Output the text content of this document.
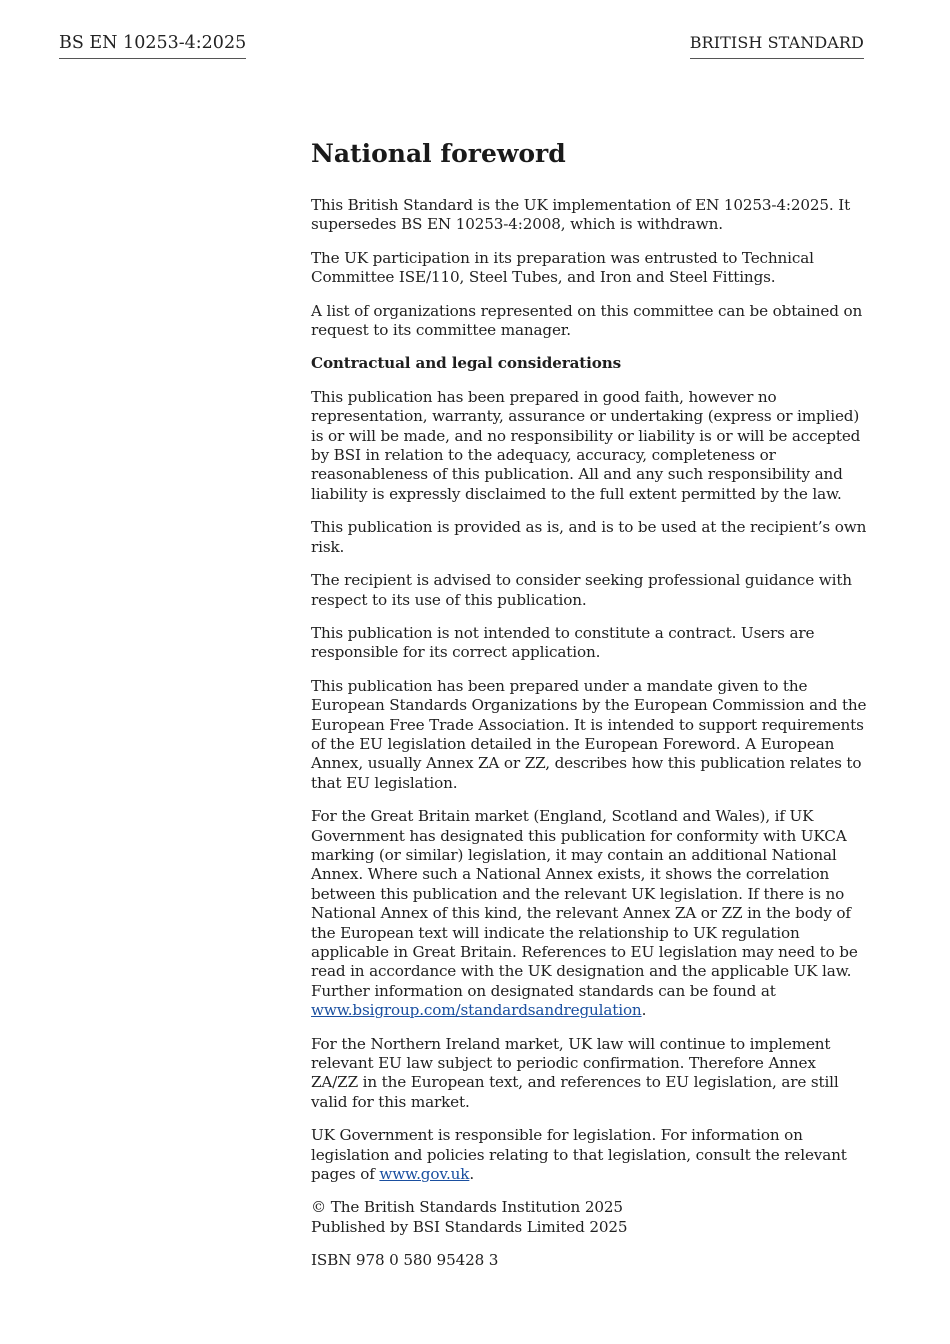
BS EN 10253-4:2025	BRITISH STANDARD
National foreword

This British Standard is the UK implementation of EN 10253-4:2025. It supersedes BS EN 10253-4:2008, which is withdrawn.

The UK participation in its preparation was entrusted to Technical Committee ISE/110, Steel Tubes, and Iron and Steel Fittings.

A list of organizations represented on this committee can be obtained on request to its committee manager.

Contractual and legal considerations

This publication has been prepared in good faith, however no representation, warranty, assurance or undertaking (express or implied) is or will be made, and no responsibility or liability is or will be accepted by BSI in relation to the adequacy, accuracy, completeness or reasonableness of this publication. All and any such responsibility and liability is expressly disclaimed to the full extent permitted by the law.

This publication is provided as is, and is to be used at the recipient’s own risk.

The recipient is advised to consider seeking professional guidance with respect to its use of this publication.

This publication is not intended to constitute a contract. Users are responsible for its correct application.

This publication has been prepared under a mandate given to the European Standards Organizations by the European Commission and the European Free Trade Association. It is intended to support requirements of the EU legislation detailed in the European Foreword. A European Annex, usually Annex ZA or ZZ, describes how this publication relates to that EU legislation.

For the Great Britain market (England, Scotland and Wales), if UK Government has designated this publication for conformity with UKCA marking (or similar) legislation, it may contain an additional National Annex. Where such a National Annex exists, it shows the correlation between this publication and the relevant UK legislation. If there is no National Annex of this kind, the relevant Annex ZA or ZZ in the body of the European text will indicate the relationship to UK regulation applicable in Great Britain. References to EU legislation may need to be read in accordance with the UK designation and the applicable UK law. Further information on designated standards can be found at www.bsigroup.com/standardsandregulation.

For the Northern Ireland market, UK law will continue to implement relevant EU law subject to periodic confirmation. Therefore Annex ZA/ZZ in the European text, and references to EU legislation, are still valid for this market.

UK Government is responsible for legislation. For information on legislation and policies relating to that legislation, consult the relevant pages of www.gov.uk.

© The British Standards Institution 2025
Published by BSI Standards Limited 2025

ISBN 978 0 580 95428 3
